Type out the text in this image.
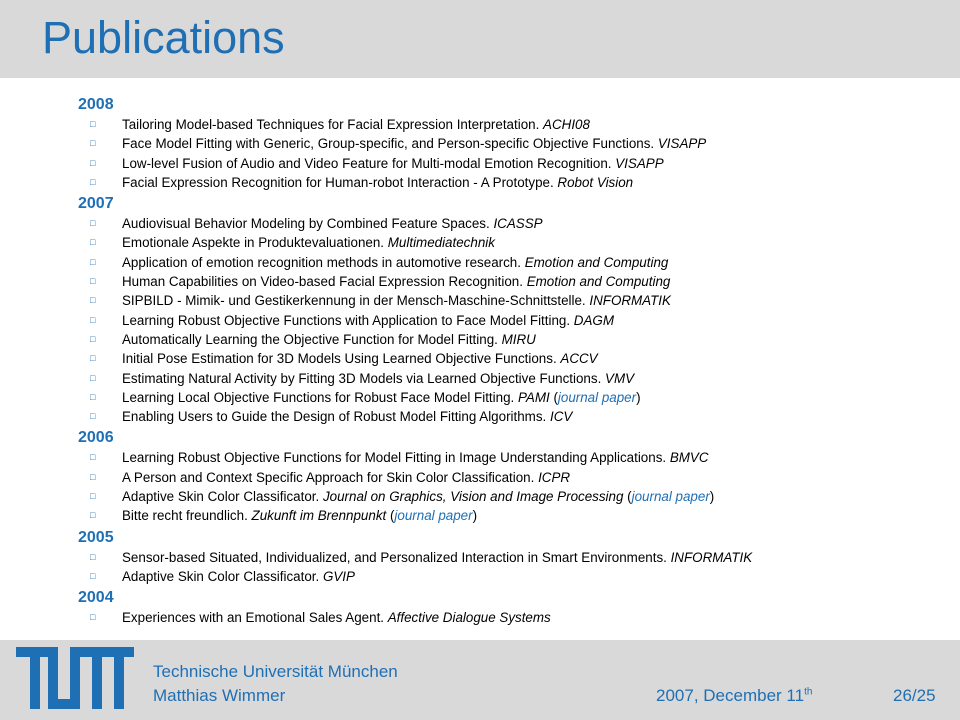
Publications
2008
□ Tailoring Model-based Techniques for Facial Expression Interpretation. ACHI08
□ Face Model Fitting with Generic, Group-specific, and Person-specific Objective Functions. VISAPP
□ Low-level Fusion of Audio and Video Feature for Multi-modal Emotion Recognition. VISAPP
□ Facial Expression Recognition for Human-robot Interaction - A Prototype. Robot Vision
2007
□ Audiovisual Behavior Modeling by Combined Feature Spaces. ICASSP
□ Emotionale Aspekte in Produktevaluationen. Multimediatechnik
□ Application of emotion recognition methods in automotive research. Emotion and Computing
□ Human Capabilities on Video-based Facial Expression Recognition. Emotion and Computing
□ SIPBILD - Mimik- und Gestikerkennung in der Mensch-Maschine-Schnittstelle. INFORMATIK
□ Learning Robust Objective Functions with Application to Face Model Fitting. DAGM
□ Automatically Learning the Objective Function for Model Fitting. MIRU
□ Initial Pose Estimation for 3D Models Using Learned Objective Functions. ACCV
□ Estimating Natural Activity by Fitting 3D Models via Learned Objective Functions. VMV
□ Learning Local Objective Functions for Robust Face Model Fitting. PAMI (journal paper)
□ Enabling Users to Guide the Design of Robust Model Fitting Algorithms. ICV
2006
□ Learning Robust Objective Functions for Model Fitting in Image Understanding Applications. BMVC
□ A Person and Context Specific Approach for Skin Color Classification. ICPR
□ Adaptive Skin Color Classificator. Journal on Graphics, Vision and Image Processing (journal paper)
□ Bitte recht freundlich. Zukunft im Brennpunkt (journal paper)
2005
□ Sensor-based Situated, Individualized, and Personalized Interaction in Smart Environments. INFORMATIK
□ Adaptive Skin Color Classificator. GVIP
2004
□ Experiences with an Emotional Sales Agent. Affective Dialogue Systems
Technische Universität München
Matthias Wimmer	2007, December 11th	26/25
